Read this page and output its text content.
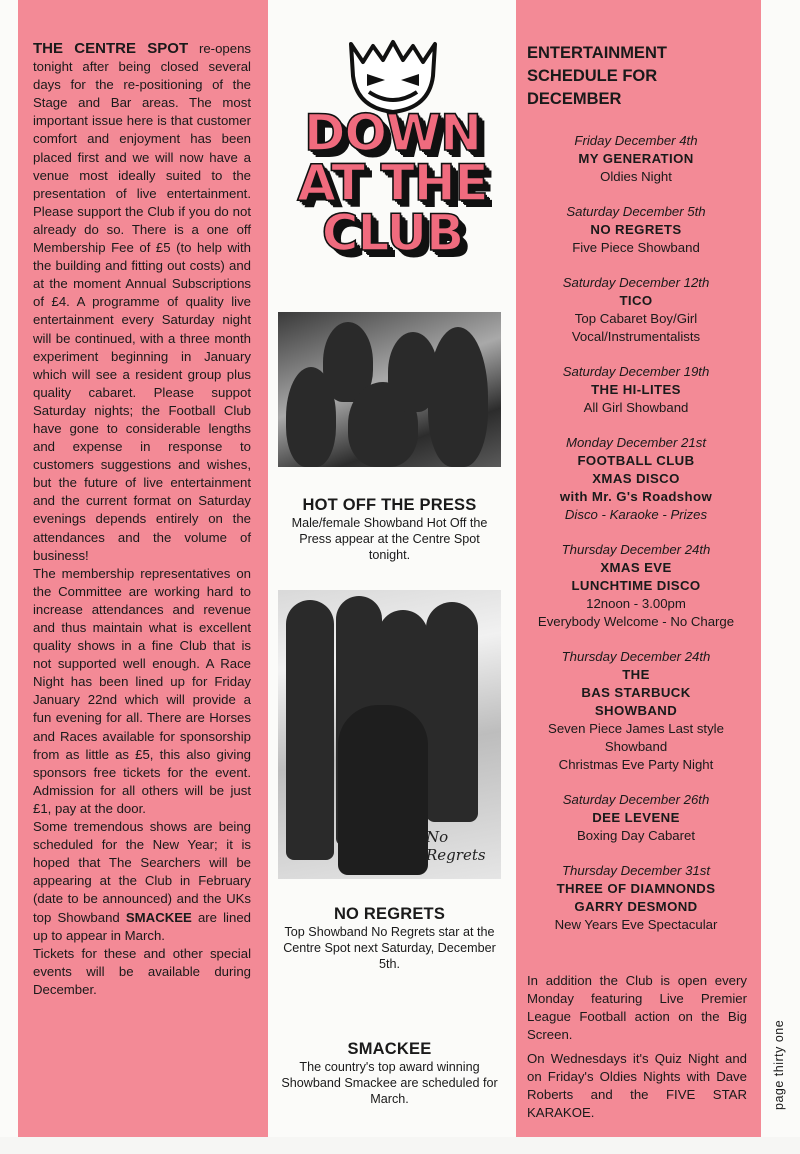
THE CENTRE SPOT re-opens tonight after being closed several days for the re-positioning of the Stage and Bar areas. The most important issue here is that customer comfort and enjoyment has been placed first and we will now have a venue most ideally suited to the presentation of live entertainment. Please support the Club if you do not already do so. There is a one off Membership Fee of £5 (to help with the building and fitting out costs) and at the moment Annual Subscriptions of £4. A programme of quality live entertainment every Saturday night will be continued, with a three month experiment beginning in January which will see a resident group plus quality cabaret. Please suppot Saturday nights; the Football Club have gone to considerable lengths and expense in response to customers suggestions and wishes, but the future of live entertainment and the current format on Saturday evenings depends entirely on the attendances and the volume of business!

The membership representatives on the Committee are working hard to increase attendances and revenue and thus maintain what is excellent quality shows in a fine Club that is not supported well enough. A Race Night has been lined up for Friday January 22nd which will provide a fun evening for all. There are Horses and Races available for sponsorship from as little as £5, this also giving sponsors free tickets for the event. Admission for all others will be just £1, pay at the door.

Some tremendous shows are being scheduled for the New Year; it is hoped that The Searchers will be appearing at the Club in February (date to be announced) and the UKs top Showband SMACKEE are lined up to appear in March.

Tickets for these and other special events will be available during December.

DOWN
AT THE
CLUB
HOT OFF THE PRESS
Male/female Showband Hot Off the Press appear at the Centre Spot tonight.
No Regrets
NO REGRETS
Top Showband No Regrets star at the Centre Spot next Saturday, December 5th.
SMACKEE
The country's top award winning Showband Smackee are scheduled for March.
ENTERTAINMENT
SCHEDULE FOR
DECEMBER
Friday December 4th
MY GENERATION
Oldies Night
Saturday December 5th
NO REGRETS
Five Piece Showband
Saturday December 12th
TICO
Top Cabaret Boy/Girl
Vocal/Instrumentalists
Saturday December 19th
THE HI-LITES
All Girl Showband
Monday December 21st
FOOTBALL CLUB
XMAS DISCO
with Mr. G's Roadshow
Disco - Karaoke - Prizes
Thursday December 24th
XMAS EVE
LUNCHTIME DISCO
12noon - 3.00pm
Everybody Welcome - No Charge
Thursday December 24th
THE
BAS STARBUCK
SHOWBAND
Seven Piece James Last style
Showband
Christmas Eve Party Night
Saturday December 26th
DEE LEVENE
Boxing Day Cabaret
Thursday December 31st
THREE OF DIAMNONDS
GARRY DESMOND
New Years Eve Spectacular

In addition the Club is open every Monday featuring Live Premier League Football action on the Big Screen.

On Wednesdays it's Quiz Night and on Friday's Oldies Nights with Dave Roberts and the FIVE STAR KARAKOE.

page thirty one
